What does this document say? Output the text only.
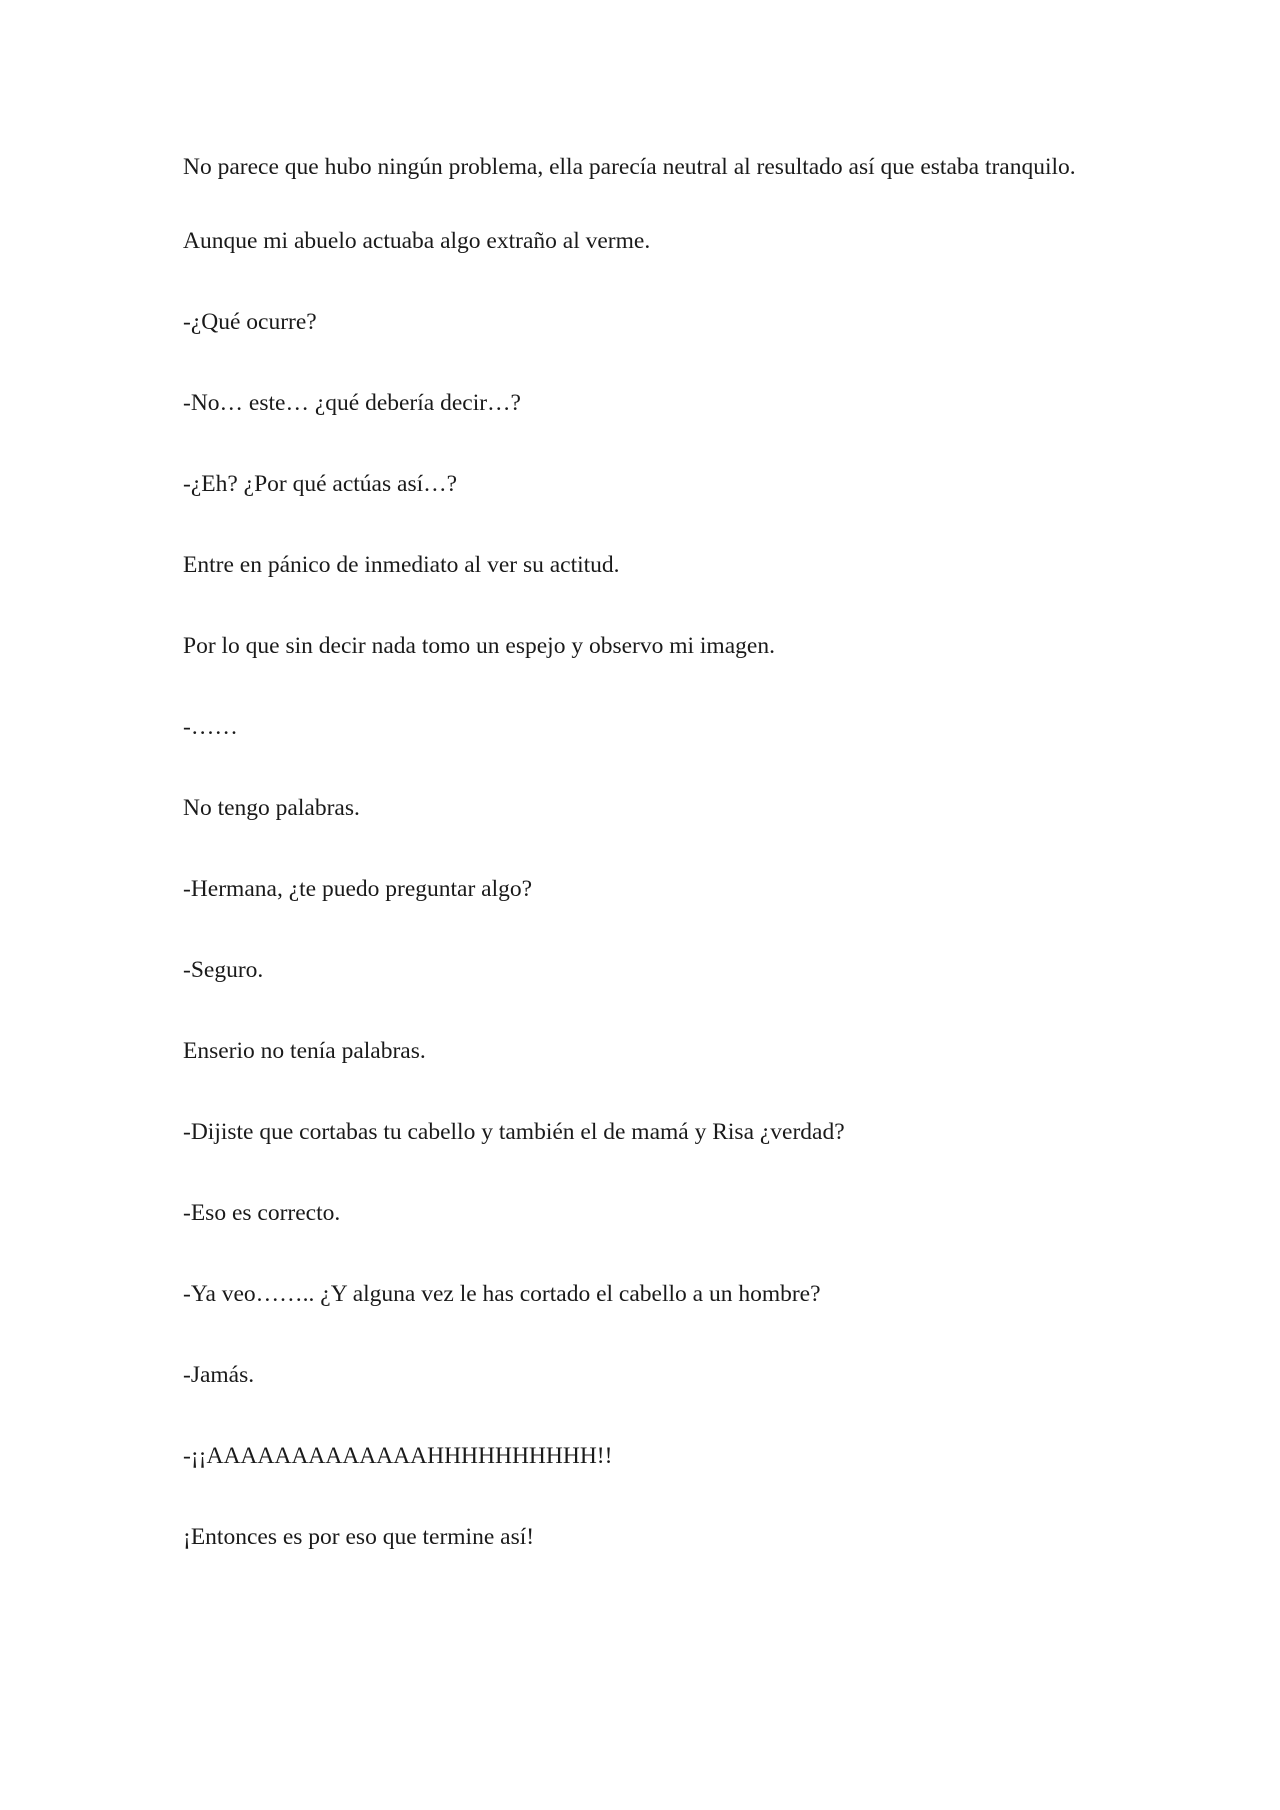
No parece que hubo ningún problema, ella parecía neutral al resultado así que estaba tranquilo.

Aunque mi abuelo actuaba algo extraño al verme.

-¿Qué ocurre?

-No… este… ¿qué debería decir…?

-¿Eh? ¿Por qué actúas así…?

Entre en pánico de inmediato al ver su actitud.

Por lo que sin decir nada tomo un espejo y observo mi imagen.

-……

No tengo palabras.

-Hermana, ¿te puedo preguntar algo?

-Seguro.

Enserio no tenía palabras.

-Dijiste que cortabas tu cabello y también el de mamá y Risa ¿verdad?

-Eso es correcto.

-Ya veo…….. ¿Y alguna vez le has cortado el cabello a un hombre?

-Jamás.

-¡¡AAAAAAAAAAAAAHHHHHHHHHH!!

¡Entonces es por eso que termine así!
